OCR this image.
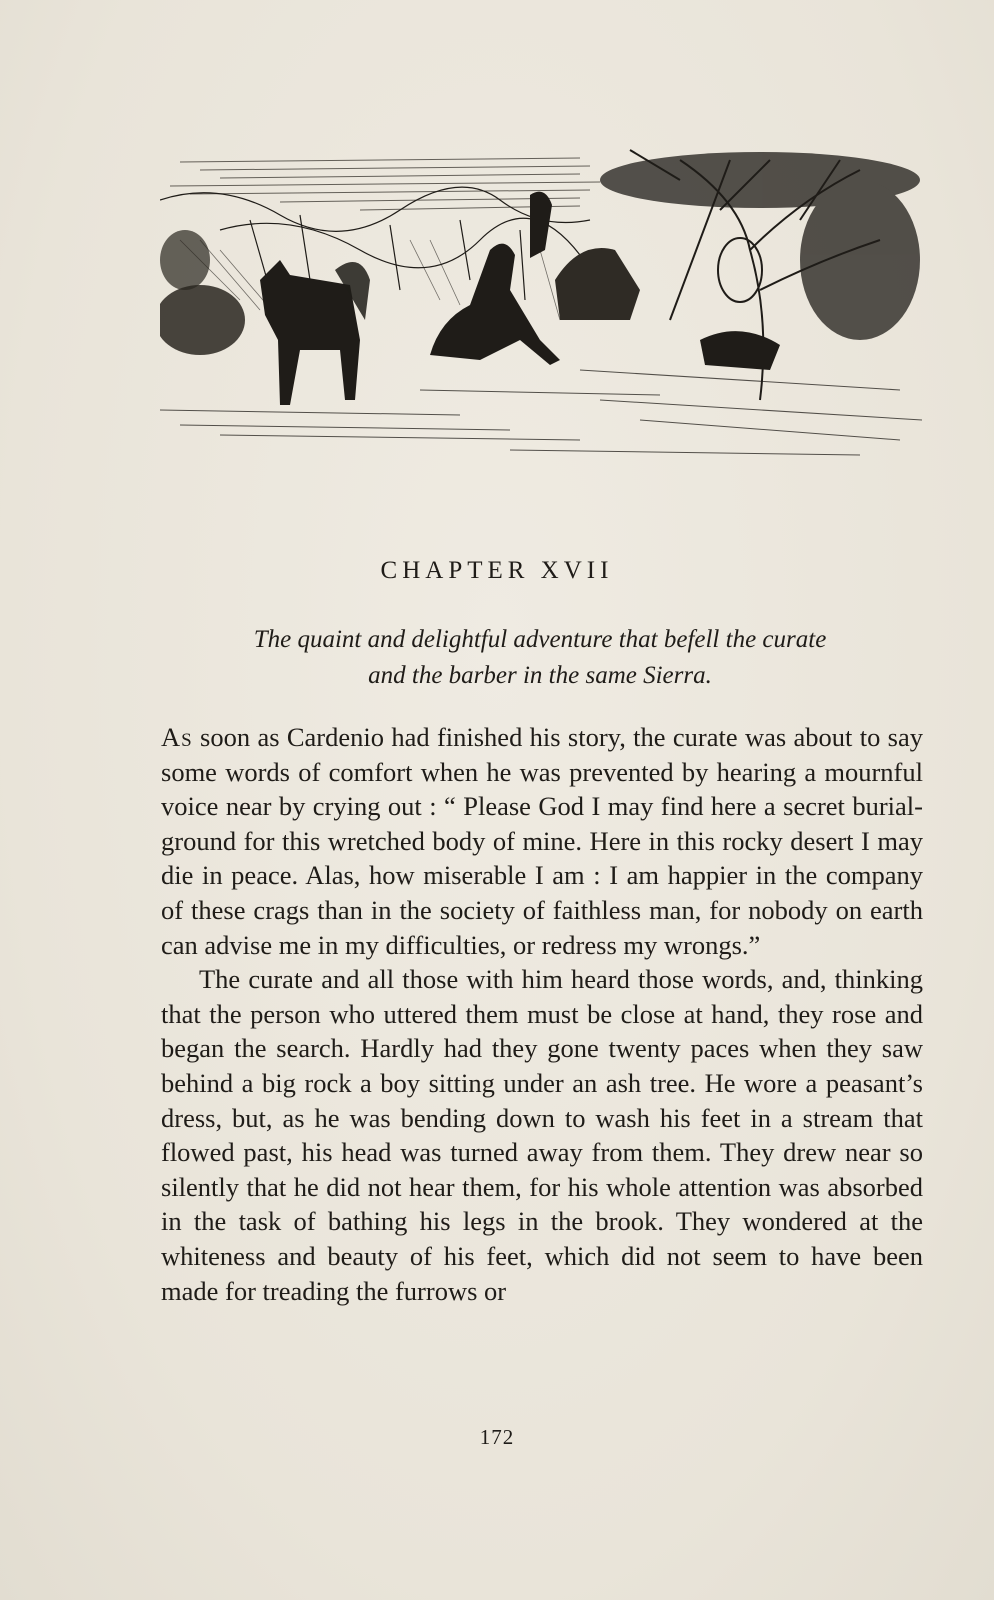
CHAPTER XVII
The quaint and delightful adventure that befell the curate
and the barber in the same Sierra.

As soon as Cardenio had finished his story, the curate was about to say some words of comfort when he was prevented by hearing a mournful voice near by crying out : “ Please God I may find here a secret burial-ground for this wretched body of mine. Here in this rocky desert I may die in peace. Alas, how miserable I am : I am happier in the company of these crags than in the society of faithless man, for nobody on earth can advise me in my difficulties, or redress my wrongs.”

The curate and all those with him heard those words, and, thinking that the person who uttered them must be close at hand, they rose and began the search. Hardly had they gone twenty paces when they saw behind a big rock a boy sitting under an ash tree. He wore a peasant’s dress, but, as he was bending down to wash his feet in a stream that flowed past, his head was turned away from them. They drew near so silently that he did not hear them, for his whole attention was absorbed in the task of bathing his legs in the brook. They wondered at the whiteness and beauty of his feet, which did not seem to have been made for treading the furrows or

172
